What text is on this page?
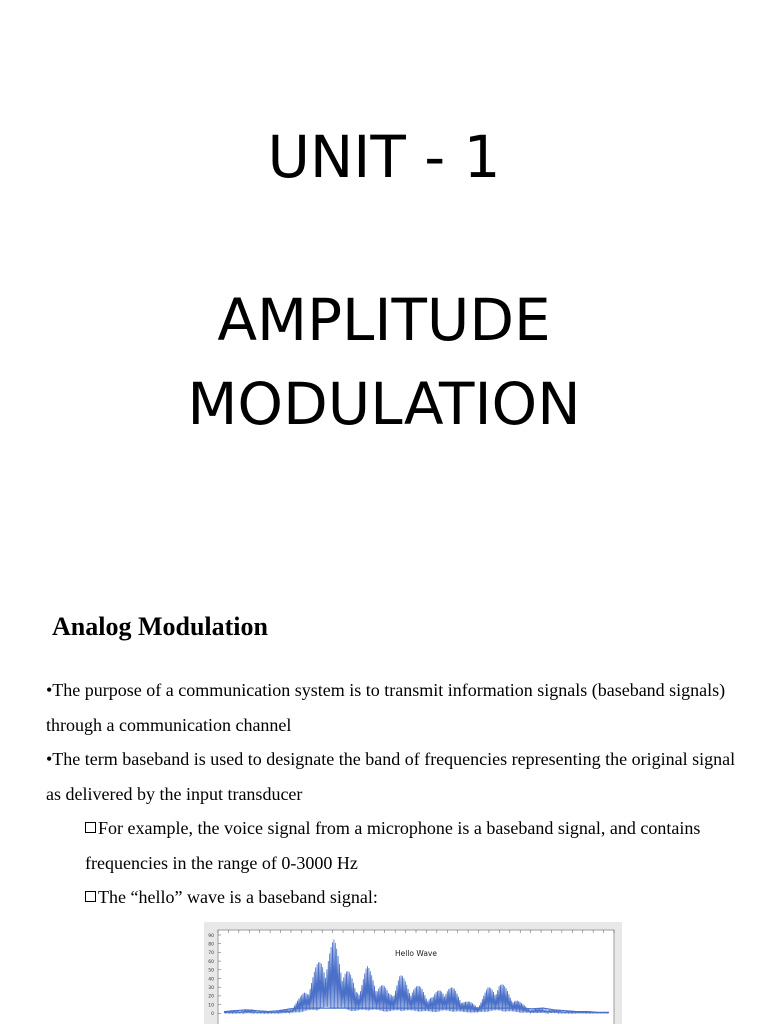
UNIT - 1
AMPLITUDE
MODULATION
Analog Modulation

•The purpose of a communication system is to transmit information signals (baseband signals) through a communication channel

•The term baseband is used to designate the band of frequencies representing the original signal as delivered by the input transducer

For example, the voice signal from a microphone is a baseband signal, and contains frequencies in the range of 0-3000 Hz

The “hello” wave is a baseband signal:

Hello Wave
90
80
70
60
50
40
30
20
10
0
